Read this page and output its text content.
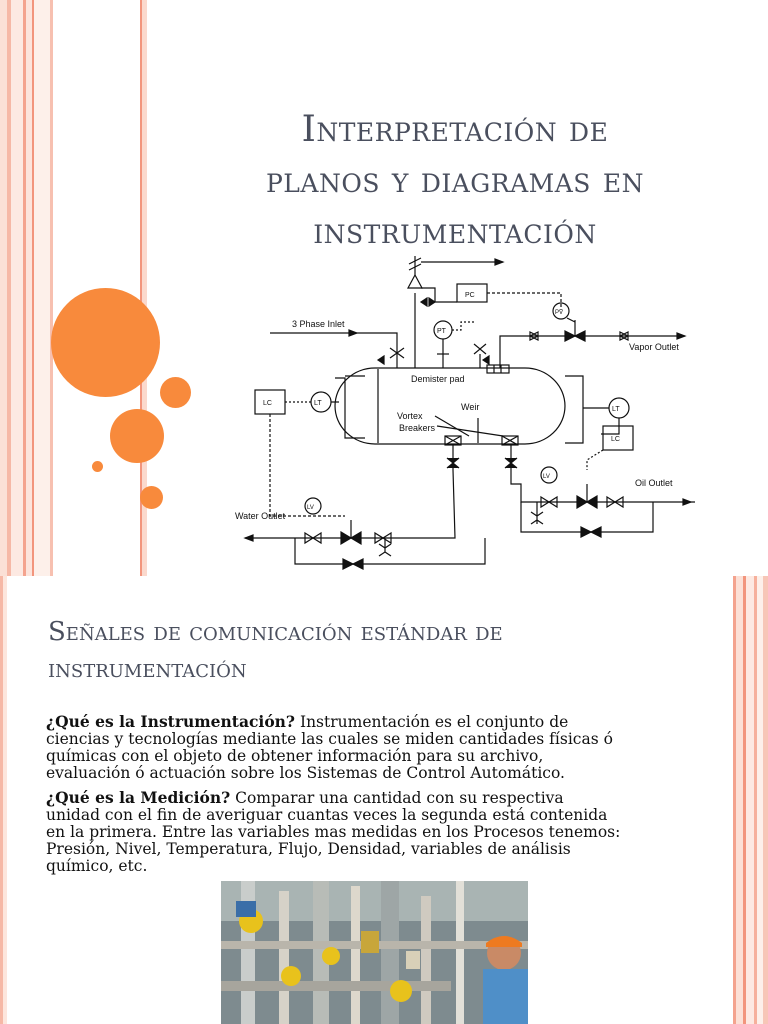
Interpretación de
planos y diagramas en
instrumentación
Demister pad
Weir
Vortex
Breakers
3 Phase Inlet
PC
PT
PV
Vapor Outlet
LT
LC
LT
LC
Water Outlet
LV
Oil Outlet
LV
Señales de comunicación estándar de
instrumentación

¿Qué es la Instrumentación? Instrumentación es el conjunto de
ciencias y tecnologías mediante las cuales se miden cantidades físicas ó
químicas con el objeto de obtener información para su archivo,
evaluación ó actuación sobre los Sistemas de Control Automático.

¿Qué es la Medición? Comparar una cantidad con su respectiva
unidad con el fin de averiguar cuantas veces la segunda está contenida
en la primera. Entre las variables mas medidas en los Procesos tenemos:
Presión, Nivel, Temperatura, Flujo, Densidad, variables de análisis
químico, etc.
